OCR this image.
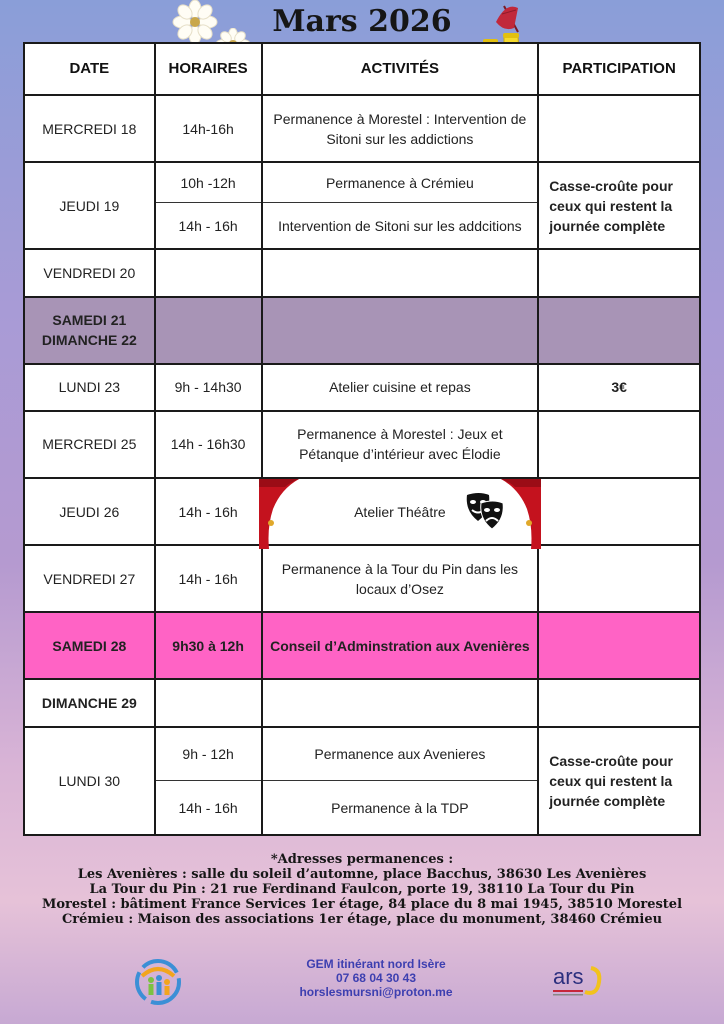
Mars 2026
DATE	HORAIRES	ACTIVITÉS	PARTICIPATION
MERCREDI 18	14h-16h	Permanence à Morestel : Intervention de Sitoni sur les addictions	
JEUDI 19	10h -12h	Permanence à Crémieu	Casse-croûte pour ceux qui restent la journée complète
	14h - 16h	Intervention de Sitoni sur les addcitions	
VENDREDI 20			

SAMEDI 21
DIMANCHE 22			

LUNDI 23	9h - 14h30	Atelier cuisine et repas	3€
MERCREDI 25	14h - 16h30	Permanence à Morestel : Jeux et Pétanque d’intérieur avec Élodie	
JEUDI 26	14h - 16h	Atelier Théâtre

VENDREDI 27	14h - 16h	Permanence à la Tour du Pin dans les locaux d’Osez	
SAMEDI 28	9h30 à 12h	Conseil d’Adminstration aux Avenières	
DIMANCHE 29			
LUNDI 30	9h - 12h	Permanence aux Avenieres	Casse-croûte pour ceux qui restent la journée complète
	14h - 16h	Permanence à la TDP	
*Adresses permanences :
Les Avenières : salle du soleil d’automne, place Bacchus, 38630 Les Avenières
La Tour du Pin : 21 rue Ferdinand Faulcon, porte 19, 38110 La Tour du Pin
Morestel : bâtiment France Services 1er étage, 84 place du 8 mai 1945, 38510 Morestel
Crémieu : Maison des associations 1er étage, place du monument, 38460 Crémieu
GEM itinérant nord Isère
07 68 04 30 43
horslesmursni@proton.me
ars
